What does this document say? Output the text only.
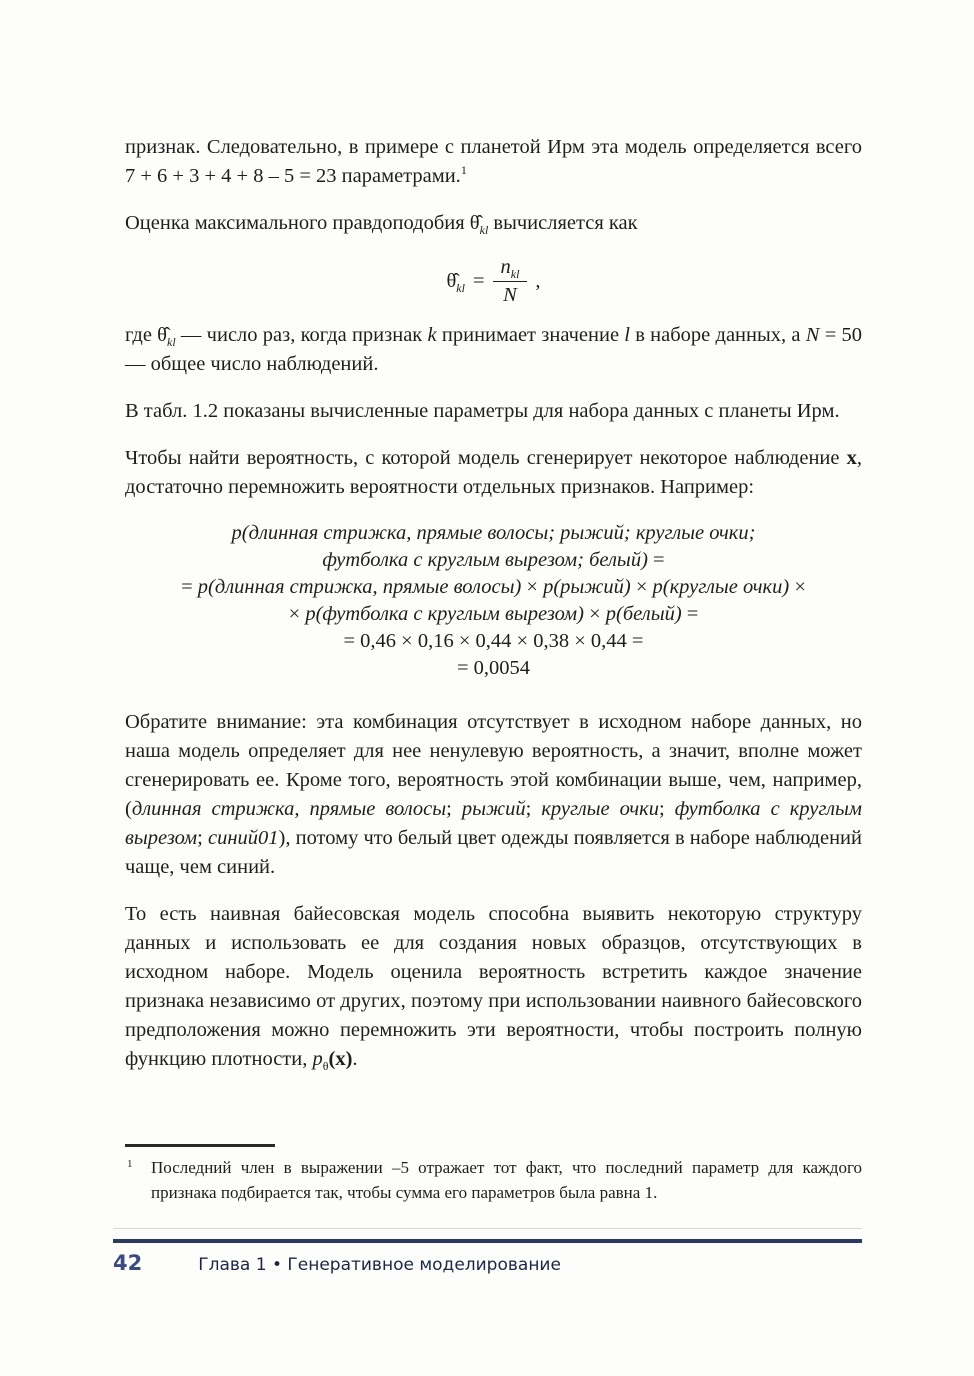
признак. Следовательно, в примере с планетой Ирм эта модель определяется всего 7 + 6 + 3 + 4 + 8 – 5 = 23 параметрами.$^1$

Оценка максимального правдоподобия $\thetâ_{kl}$ вычисляется как

$\thetâ_{kl} = \frac{n_{kl}}{N}$ ,

где $\thetâ_{kl}$ — число раз, когда признак k принимает значение l в наборе данных, а N = 50 — общее число наблюдений.

В табл. 1.2 показаны вычисленные параметры для набора данных с планеты Ирм.

Чтобы найти вероятность, с которой модель сгенерирует некоторое наблюдение x, достаточно перемножить вероятности отдельных признаков. Например:

p(длинная стрижка, прямые волосы; рыжий; круглые очки;
футболка с круглым вырезом; белый) =
= p(длинная стрижка, прямые волосы) × p(рыжий) × p(круглые очки) ×
× p(футболка с круглым вырезом) × p(белый) =
= 0,46 × 0,16 × 0,44 × 0,38 × 0,44 =
= 0,0054

Обратите внимание: эта комбинация отсутствует в исходном наборе данных, но наша модель определяет для нее ненулевую вероятность, а значит, вполне может сгенерировать ее. Кроме того, вероятность этой комбинации выше, чем, например, (длинная стрижка, прямые волосы; рыжий; круглые очки; футболка с круглым вырезом; синий01), потому что белый цвет одежды появляется в наборе наблюдений чаще, чем синий.

То есть наивная байесовская модель способна выявить некоторую структуру данных и использовать ее для создания новых образцов, отсутствующих в исходном наборе. Модель оценила вероятность встретить каждое значение признака независимо от других, поэтому при использовании наивного байесовского предположения можно перемножить эти вероятности, чтобы построить полную функцию плотности, $p_\theta(x)$.

1 Последний член в выражении –5 отражает тот факт, что последний параметр для каждого признака подбирается так, чтобы сумма его параметров была равна 1.
42	Глава 1 • Генеративное моделирование
